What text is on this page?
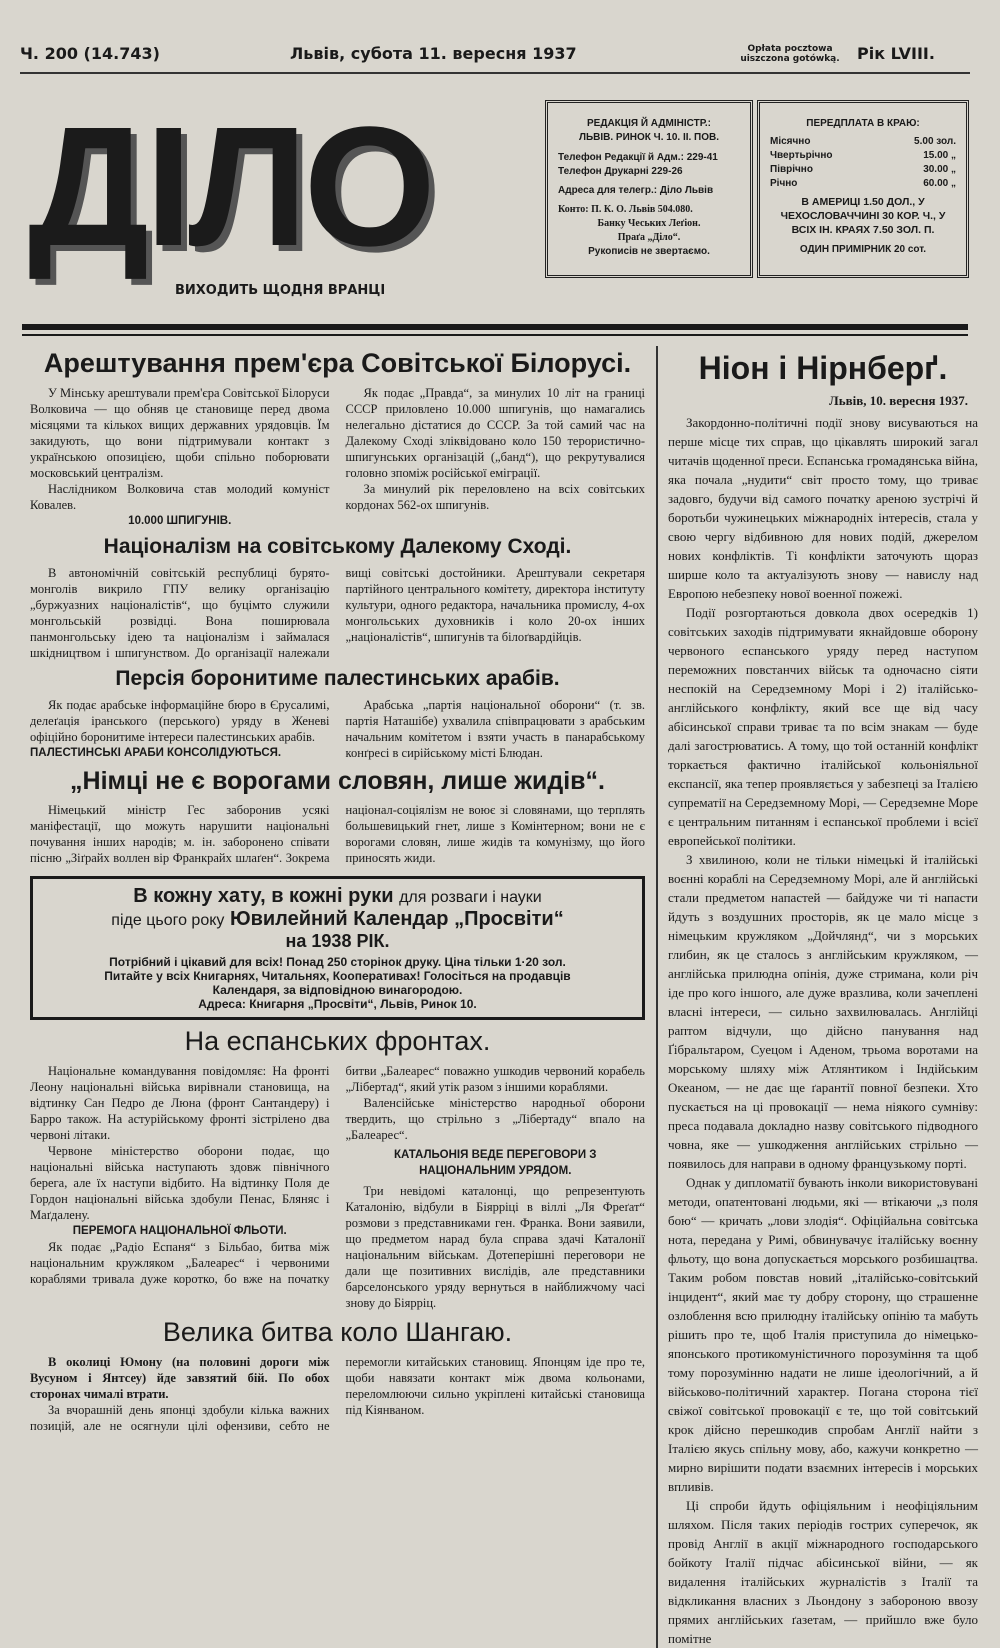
Ч. 200 (14.743)	Львів, субота 11. вересня 1937	Opłata pocztowa uiszczona gotówką.	Рік LVIII.
ДІЛО
ВИХОДИТЬ ЩОДНЯ ВРАНЦІ
РЕДАКЦІЯ Й АДМІНІСТР.:
ЛЬВІВ. РИНОК Ч. 10. II. ПОВ.
Телефон Редакції й Адм.: 229-41
Телефон Друкарні 229-26
Адреса для телегр.: Діло Львів
Конто: П. К. О. Львів 504.080.
Банку Чеських Леґіон.
Праґа „Діло“.
Рукописів не звертаємо.
ПЕРЕДПЛАТА В КРАЮ:
Місячно	5.00 зол.
Чвертьрічно	15.00 „
Піврічно	30.00 „
Річно	60.00 „
В АМЕРИЦІ 1.50 ДОЛ., У ЧЕХОСЛОВАЧЧИНІ 30 КОР. Ч., У ВСІХ ІН. КРАЯХ 7.50 ЗОЛ. П.
ОДИН ПРИМІРНИК 20 сот.
Арештування прем'єра Совітської Білорусі.

У Мінську арештували прем'єра Совітської Білоруси Волковича — що обняв це становище перед двома місяцями та кількох вищих державних урядовців. Їм закидують, що вони підтримували контакт з українською опозицією, щоби спільно поборювати московський централізм.

Наслідником Волковича став молодий комуніст Ковалев.

10.000 ШПИГУНІВ.

Як подає „Правда“, за минулих 10 літ на границі СССР приловлено 10.000 шпигунів, що намагались нелегально дістатися до СССР. За той самий час на Далекому Сході зліквідовано коло 150 терористично-шпигунських організацій („банд“), що рекрутувалися головно зпоміж російської еміграції.

За минулий рік переловлено на всіх совітських кордонах 562-ох шпигунів.

Націоналізм на совітському Далекому Сході.

В автономічній совітській республиці бурято-монголів викрило ГПУ велику організацію „буржуазних націоналістів“, що буцімто служили монгольській розвідці. Вона поширювала панмонгольську ідею та націоналізм і займалася шкідництвом і шпигунством. До організації належали вищі совітські достойники. Арештували секретаря партійного центрального комітету, директора інституту культури, одного редактора, начальника промислу, 4-ох монгольських духовників і коло 20-ох інших „націоналістів“, шпигунів та білоґвардійців.

Персія боронитиме палестинських арабів.

Як подає арабське інформаційне бюро в Єрусалимі, делеґація іранського (перського) уряду в Женеві офіційно боронитиме інтереси палестинських арабів.

ПАЛЕСТИНСЬКІ АРАБИ КОНСОЛІДУЮТЬСЯ.

Арабська „партія національної оборони“ (т. зв. партія Наташібе) ухвалила співпрацювати з арабським начальним комітетом і взяти участь в панарабському конґресі в сирійському місті Блюдан.

„Німці не є ворогами словян, лише жидів“.

Німецький міністр Гес заборонив усякі маніфестації, що можуть нарушити національні почування інших народів; м. ін. заборонено співати пісню „Зіґрайх воллен вір Франкрайх шлаґен“. Зокрема націонал-соціялізм не воює зі словянами, що терплять большевицький гнет, лише з Комінтерном; вони не є ворогами словян, лише жидів та комунізму, що його приносять жиди.

В кожну хату, в кожні руки для розваги і науки
піде цього року Ювилейний Календар „Просвіти“
на 1938 РІК.
Потрібний і цікавий для всіх! Понад 250 сторінок друку. Ціна тільки 1·20 зол.
Питайте у всіх Книгарнях, Читальнях, Кооперативах! Голосіться на продавців Календаря, за відповідною винагородою.
Адреса: Книгарня „Просвіти“, Львів, Ринок 10.
На еспанських фронтах.

Національне командування повідомляє: На фронті Леону національні війська вирівнали становища, на відтинку Сан Педро де Люна (фронт Сантандеру) і Барро також. На астурійському фронті зістрілено два червоні літаки.

Червоне міністерство оборони подає, що національні війська наступають здовж північного берега, але їх наступи відбито. На відтинку Поля де Гордон національні війська здобули Пенас, Бляняс і Маґдалену.

ПЕРЕМОГА НАЦІОНАЛЬНОЇ ФЛЬОТИ.

Як подає „Радіо Еспаня“ з Більбао, битва між національним кружляком „Балеарес“ і червоними кораблями тривала дуже коротко, бо вже на початку битви „Балеарес“ поважно ушкодив червоний корабель „Лібертад“, який утік разом з іншими кораблями.

Валенсійське міністерство народньої оборони твердить, що стрільно з „Лібертаду“ впало на „Балеарес“.

КАТАЛЬОНІЯ ВЕДЕ ПЕРЕГОВОРИ З НАЦІОНАЛЬНИМ УРЯДОМ.

Три невідомі каталонці, що репрезентують Каталонію, відбули в Біярріці в віллі „Ля Фреґат“ розмови з представниками ген. Франка. Вони заявили, що предметом нарад була справа здачі Каталонії національним військам. Дотеперішні переговори не дали ще позитивних вислідів, але представники барселонського уряду вернуться в найближчому часі знову до Біярріц.

Велика битва коло Шангаю.

В околиці Юмону (на половині дороги між Вусуном і Янтсеу) йде завзятий бій. По обох сторонах чималі втрати.

За вчорашній день японці здобули кілька важних позицій, але не осягнули цілі офензиви, себто не перемогли китайських становищ. Японцям іде про те, щоби навязати контакт між двома кольонами, переломлюючи сильно укріплені китайські становища під Кіянваном.

Ніон і Нірнберґ.
Львів, 10. вересня 1937.

Закордонно-політичні події знову висуваються на перше місце тих справ, що цікавлять широкий загал читачів щоденної преси. Еспанська громадянська війна, яка почала „нудити“ світ просто тому, що триває задовго, будучи від самого початку ареною зустрічі й боротьби чужинецьких міжнародніх інтересів, стала у свою чергу відбивною для нових подій, джерелом нових конфліктів. Ті конфлікти заточують щораз ширше коло та актуалізують знову — навислу над Европою небезпеку нової военної пожежі.

Події розгортаються довкола двох осередків 1) совітських заходів підтримувати якнайдовше оборону червоного еспанського уряду перед наступом переможних повстанчих військ та одночасно сіяти неспокій на Середземному Морі і 2) італійсько-англійського конфлікту, який все ще від часу абісинської справи триває та по всім знакам — буде далі загострюватись. А тому, що той останній конфлікт торкається фактично італійської кольоніяльної експансії, яка тепер проявляється у забезпеці за Італією супрематії на Середземному Морі, — Середземне Море є центральним питанням і еспанської проблеми і всієї европейської політики.

З хвилиною, коли не тільки німецькі й італійські воєнні кораблі на Середземному Морі, але й англійські стали предметом напастей — байдуже чи ті напасти йдуть з воздушних просторів, як це мало місце з німецьким кружляком „Дойчлянд“, чи з морських глибин, як це сталось з англійським кружляком, — англійська прилюдна опінія, дуже стримана, коли річ іде про кого іншого, але дуже вразлива, коли зачеплені власні інтереси, — сильно захвилювалась. Англійці раптом відчули, що дійсно панування над Ґібральтаром, Суецом і Аденом, трьома воротами на морському шляху між Атлянтиком і Індійським Океаном, — не дає ще ґарантії повної безпеки. Хто пускається на ці провокації — нема ніякого сумніву: преса подавала докладно назву совітського підводного човна, яке — ушкодження англійських стрільно — появилось для направи в одному французькому порті.

Однак у дипломатії бувають інколи використовувані методи, опатентовані людьми, які — втікаючи „з поля бою“ — кричать „лови злодія“. Офіційальна совітська нота, передана у Римі, обвинувачує італійську воєнну фльоту, що вона допускається морського розбишацтва. Таким робом повстав новий „італійсько-совітський інцидент“, який має ту добру сторону, що страшенне озлоблення всю прилюдну італійську опінію та мабуть рішить про те, щоб Італія приступила до німецько-японського протикомуністичного порозуміння та щоб тому порозумінню надати не лише ідеологічний, а й військово-політичний характер. Погана сторона тієї свіжої совітської провокації є те, що той совітський крок дійсно перешкодив спробам Англії найти з Італією якусь спільну мову, або, кажучи конкретно — мирно вирішити подати взаємних інтересів і морських впливів.

Ці спроби йдуть офіціяльним і неофіціяльним шляхом. Після таких періодів гострих суперечок, як провід Англії в акції міжнародного господарського бойкоту Італії підчас абісинської війни, — як видалення італійських журналістів з Італії та відкликання власних з Льондону з заборонoю ввозу прямих англійських ґазетам, — прийшло вже було помітне
